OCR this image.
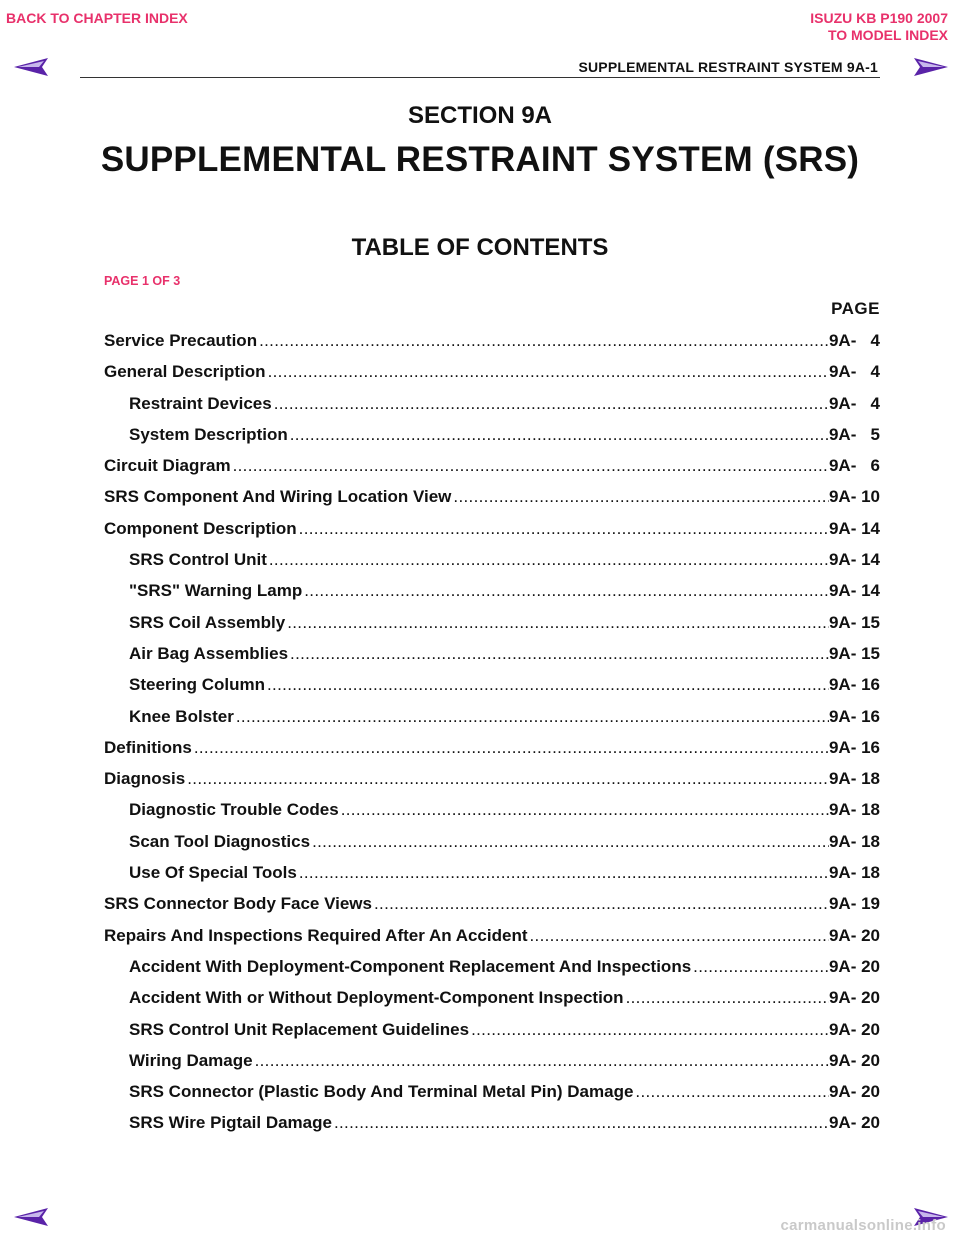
BACK TO CHAPTER INDEX	ISUZU KB P190 2007
TO MODEL INDEX
SUPPLEMENTAL RESTRAINT SYSTEM 9A-1
SECTION 9A
SUPPLEMENTAL RESTRAINT SYSTEM (SRS)
TABLE OF CONTENTS
PAGE 1 OF 3
PAGE
Service Precaution . . .	9A-   4
General Description . . .	9A-   4
Restraint Devices . . .	9A-   4
System Description . . .	9A-   5
Circuit Diagram . . .	9A-   6
SRS Component And Wiring Location View . . .	9A- 10
Component Description . . .	9A- 14
SRS Control Unit . . .	9A- 14
"SRS" Warning Lamp . . .	9A- 14
SRS Coil Assembly . . .	9A- 15
Air Bag Assemblies . . .	9A- 15
Steering Column . . .	9A- 16
Knee Bolster . . .	9A- 16
Definitions . . .	9A- 16
Diagnosis . . .	9A- 18
Diagnostic Trouble Codes . . .	9A- 18
Scan Tool Diagnostics . . .	9A- 18
Use Of Special Tools . . .	9A- 18
SRS Connector Body Face Views . . .	9A- 19
Repairs And Inspections Required After An Accident . . .	9A- 20
Accident With Deployment-Component Replacement And Inspections . . .	9A- 20
Accident With or Without Deployment-Component Inspection . . .	9A- 20
SRS Control Unit Replacement Guidelines . . .	9A- 20
Wiring Damage . . .	9A- 20
SRS Connector (Plastic Body And Terminal Metal Pin) Damage . . .	9A- 20
SRS Wire Pigtail Damage . . .	9A- 20
carmanualsonline.info
